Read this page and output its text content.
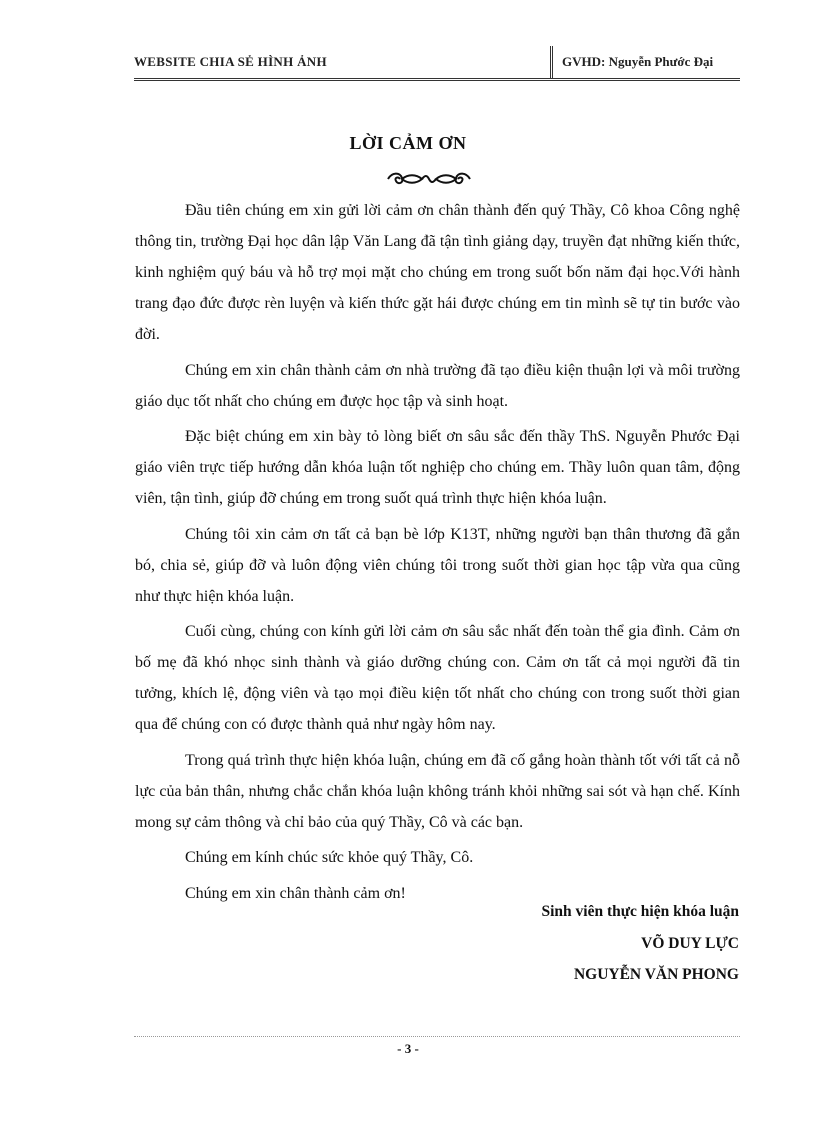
WEBSITE CHIA SẺ HÌNH ẢNH	GVHD: Nguyễn Phước Đại
LỜI CẢM ƠN

Đầu tiên chúng em xin gửi lời cảm ơn chân thành đến quý Thầy, Cô khoa Công nghệ thông tin, trường Đại học dân lập Văn Lang đã tận tình giảng dạy, truyền đạt những kiến thức, kinh nghiệm quý báu và hỗ trợ mọi mặt cho chúng em trong suốt bốn năm đại học.Với hành trang đạo đức được rèn luyện và kiến thức gặt hái được chúng em tin mình sẽ tự tin bước vào đời.

Chúng em xin chân thành cảm ơn nhà trường đã tạo điều kiện thuận lợi và môi trường giáo dục tốt nhất cho chúng em được học tập và sinh hoạt.

Đặc biệt chúng em xin bày tỏ lòng biết ơn sâu sắc đến thầy ThS. Nguyễn Phước Đại giáo viên trực tiếp hướng dẫn khóa luận tốt nghiệp cho chúng em. Thầy luôn quan tâm, động viên, tận tình, giúp đỡ chúng em trong suốt quá trình thực hiện khóa luận.

Chúng tôi xin cảm ơn tất cả bạn bè lớp K13T, những người bạn thân thương đã gắn bó, chia sẻ, giúp đỡ và luôn động viên chúng tôi trong suốt thời gian học tập vừa qua cũng như thực hiện khóa luận.

Cuối cùng, chúng con kính gửi lời cảm ơn sâu sắc nhất đến toàn thể gia đình. Cảm ơn bố mẹ đã khó nhọc sinh thành và giáo dưỡng chúng con. Cảm ơn tất cả mọi người đã tin tưởng, khích lệ, động viên và tạo mọi điều kiện tốt nhất cho chúng con trong suốt thời gian qua để chúng con có được thành quả như ngày hôm nay.

Trong quá trình thực hiện khóa luận, chúng em đã cố gắng hoàn thành tốt với tất cả nỗ lực của bản thân, nhưng chắc chắn khóa luận không tránh khỏi những sai sót và hạn chế. Kính mong sự cảm thông và chỉ bảo của quý Thầy, Cô và các bạn.

Chúng em kính chúc sức khỏe quý Thầy, Cô.

Chúng em xin chân thành cảm ơn!

Sinh viên thực hiện khóa luận
VÕ DUY LỰC
NGUYỄN VĂN PHONG
- 3 -
